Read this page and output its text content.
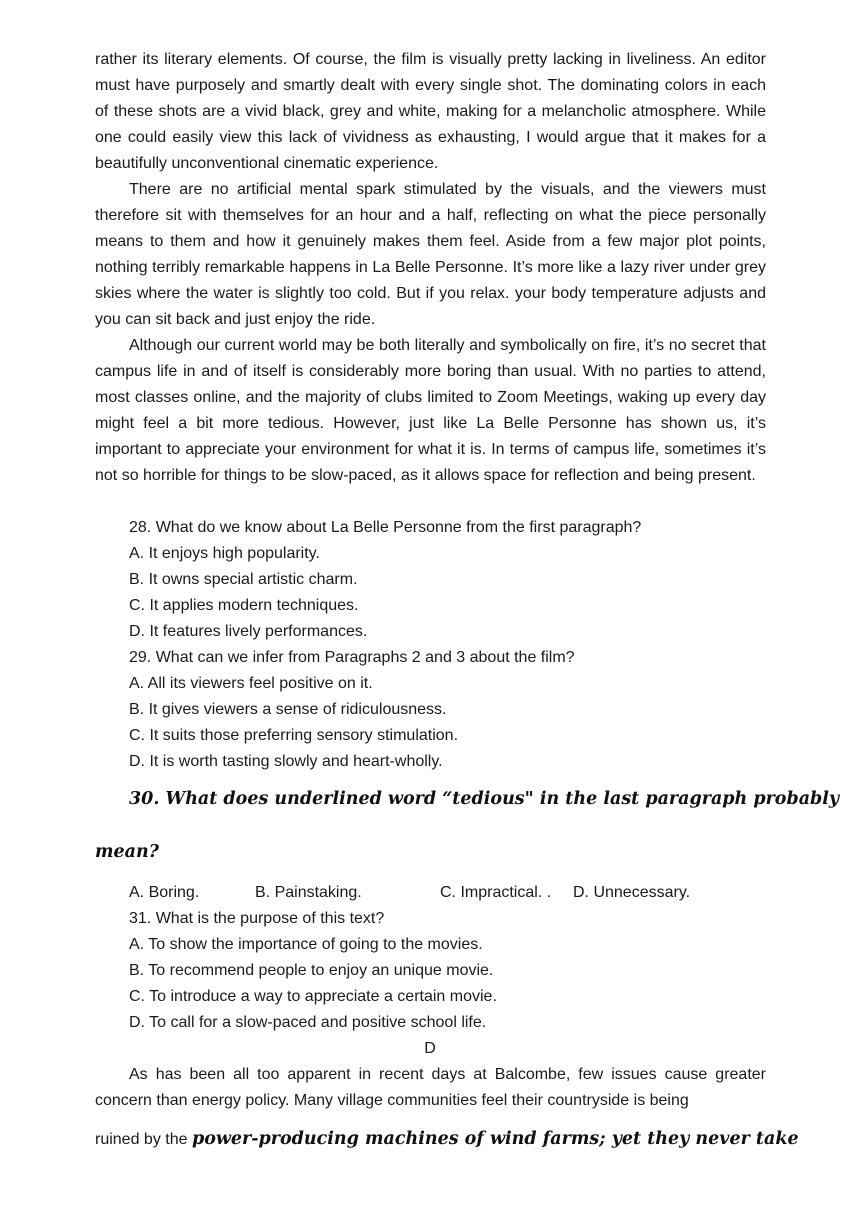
rather its literary elements. Of course, the film is visually pretty lacking in liveliness. An editor must have purposely and smartly dealt with every single shot. The dominating colors in each of these shots are a vivid black, grey and white, making for a melancholic atmosphere. While one could easily view this lack of vividness as exhausting, I would argue that it makes for a beautifully unconventional cinematic experience.

There are no artificial mental spark stimulated by the visuals, and the viewers must therefore sit with themselves for an hour and a half, reflecting on what the piece personally means to them and how it genuinely makes them feel. Aside from a few major plot points, nothing terribly remarkable happens in La Belle Personne. It’s more like a lazy river under grey skies where the water is slightly too cold. But if you relax. your body temperature adjusts and you can sit back and just enjoy the ride.

Although our current world may be both literally and symbolically on fire, it’s no secret that campus life in and of itself is considerably more boring than usual. With no parties to attend, most classes online, and the majority of clubs limited to Zoom Meetings, waking up every day might feel a bit more tedious. However, just like La Belle Personne has shown us, it’s important to appreciate your environment for what it is. In terms of campus life, sometimes it’s not so horrible for things to be slow-paced, as it allows space for reflection and being present.

28. What do we know about La Belle Personne from the first paragraph?

A. It enjoys high popularity.

B. It owns special artistic charm.

C. It applies modern techniques.

D. It features lively performances.

29. What can we infer from Paragraphs 2 and 3 about the film?

A. All its viewers feel positive on it.

B. It gives viewers a sense of ridiculousness.

C. It suits those preferring sensory stimulation.

D. It is worth tasting slowly and heart-wholly.

30. What does underlined word “tedious" in the last paragraph probably
mean?
A. Boring.	B. Painstaking.	C. Impractical. . D. Unnecessary.

31. What is the purpose of this text?

A. To show the importance of going to the movies.

B. To recommend people to enjoy an unique movie.

C. To introduce a way to appreciate a certain movie.

D. To call for a slow-paced and positive school life.

D

As has been all too apparent in recent days at Balcombe, few issues cause greater concern than energy policy. Many village communities feel their countryside is being

ruined by the power-producing machines of wind farms; yet they never take
